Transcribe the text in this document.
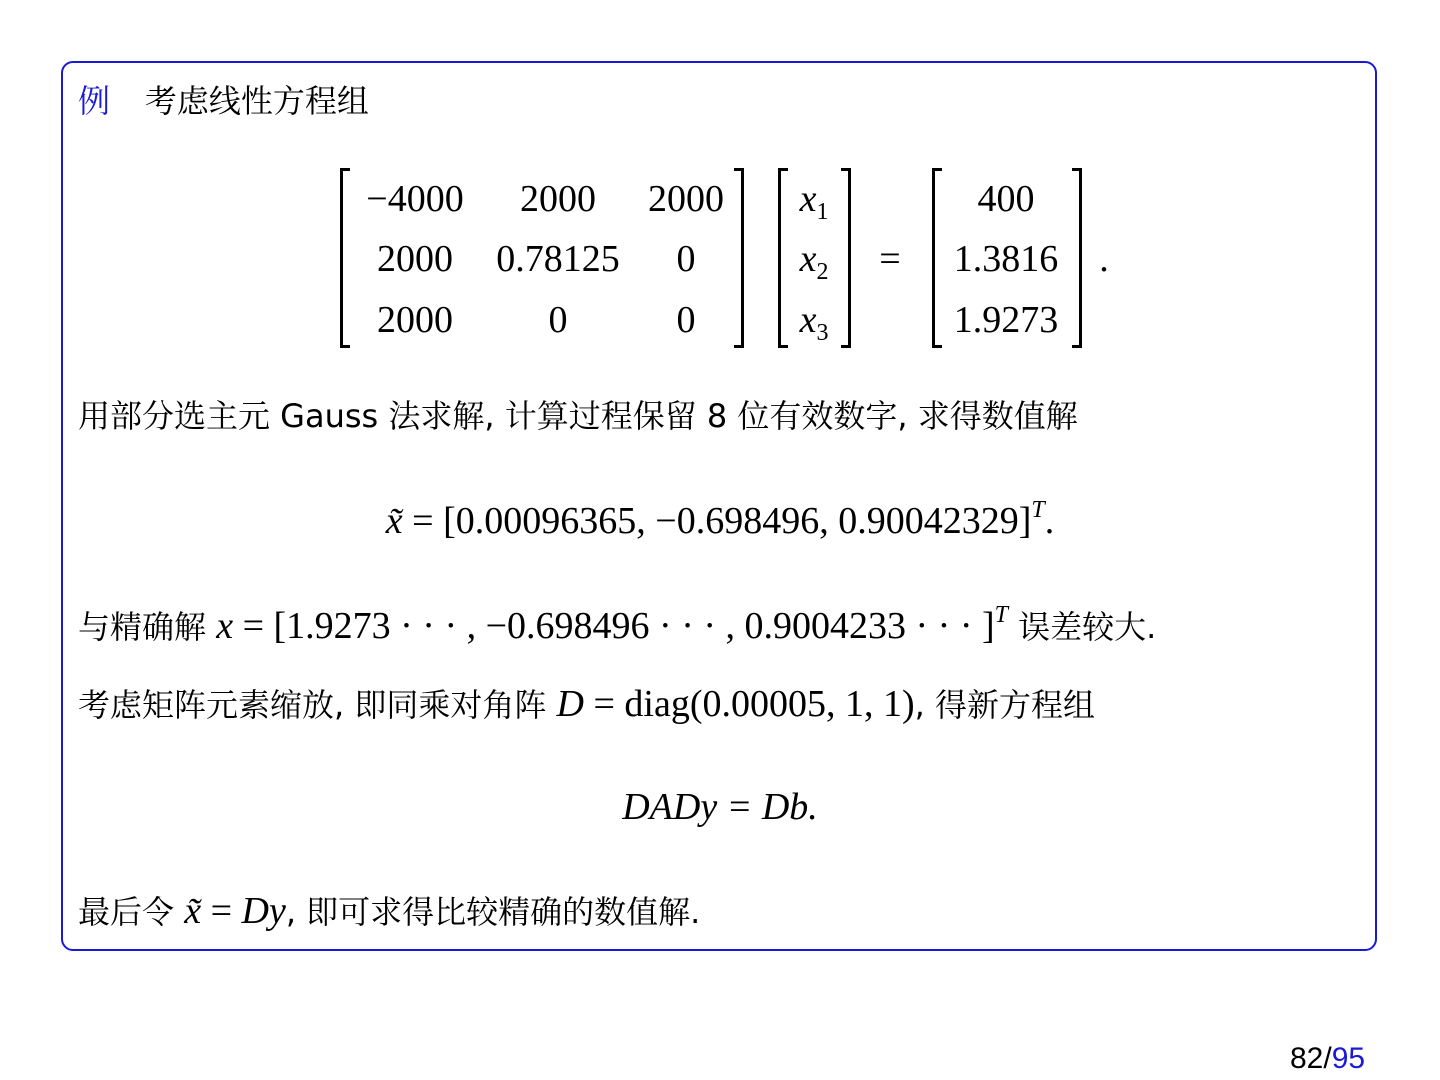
例 考虑线性方程组
−4000	2000	2000
2000	0.78125	0
2000	0	0
$x_1$
$x_2$
$x_3$
=
400
1.3816
1.9273
.
用部分选主元 Gauss 法求解, 计算过程保留 8 位有效数字, 求得数值解
x̃ = [0.00096365, −0.698496, 0.90042329]$^T$.
与精确解 x = [1.9273 · · · , −0.698496 · · · , 0.9004233 · · · ]$^T$ 误差较大.
考虑矩阵元素缩放, 即同乘对角阵 D = diag(0.00005, 1, 1), 得新方程组
DADy = Db.
最后令 x̃ = Dy, 即可求得比较精确的数值解.
82/95
